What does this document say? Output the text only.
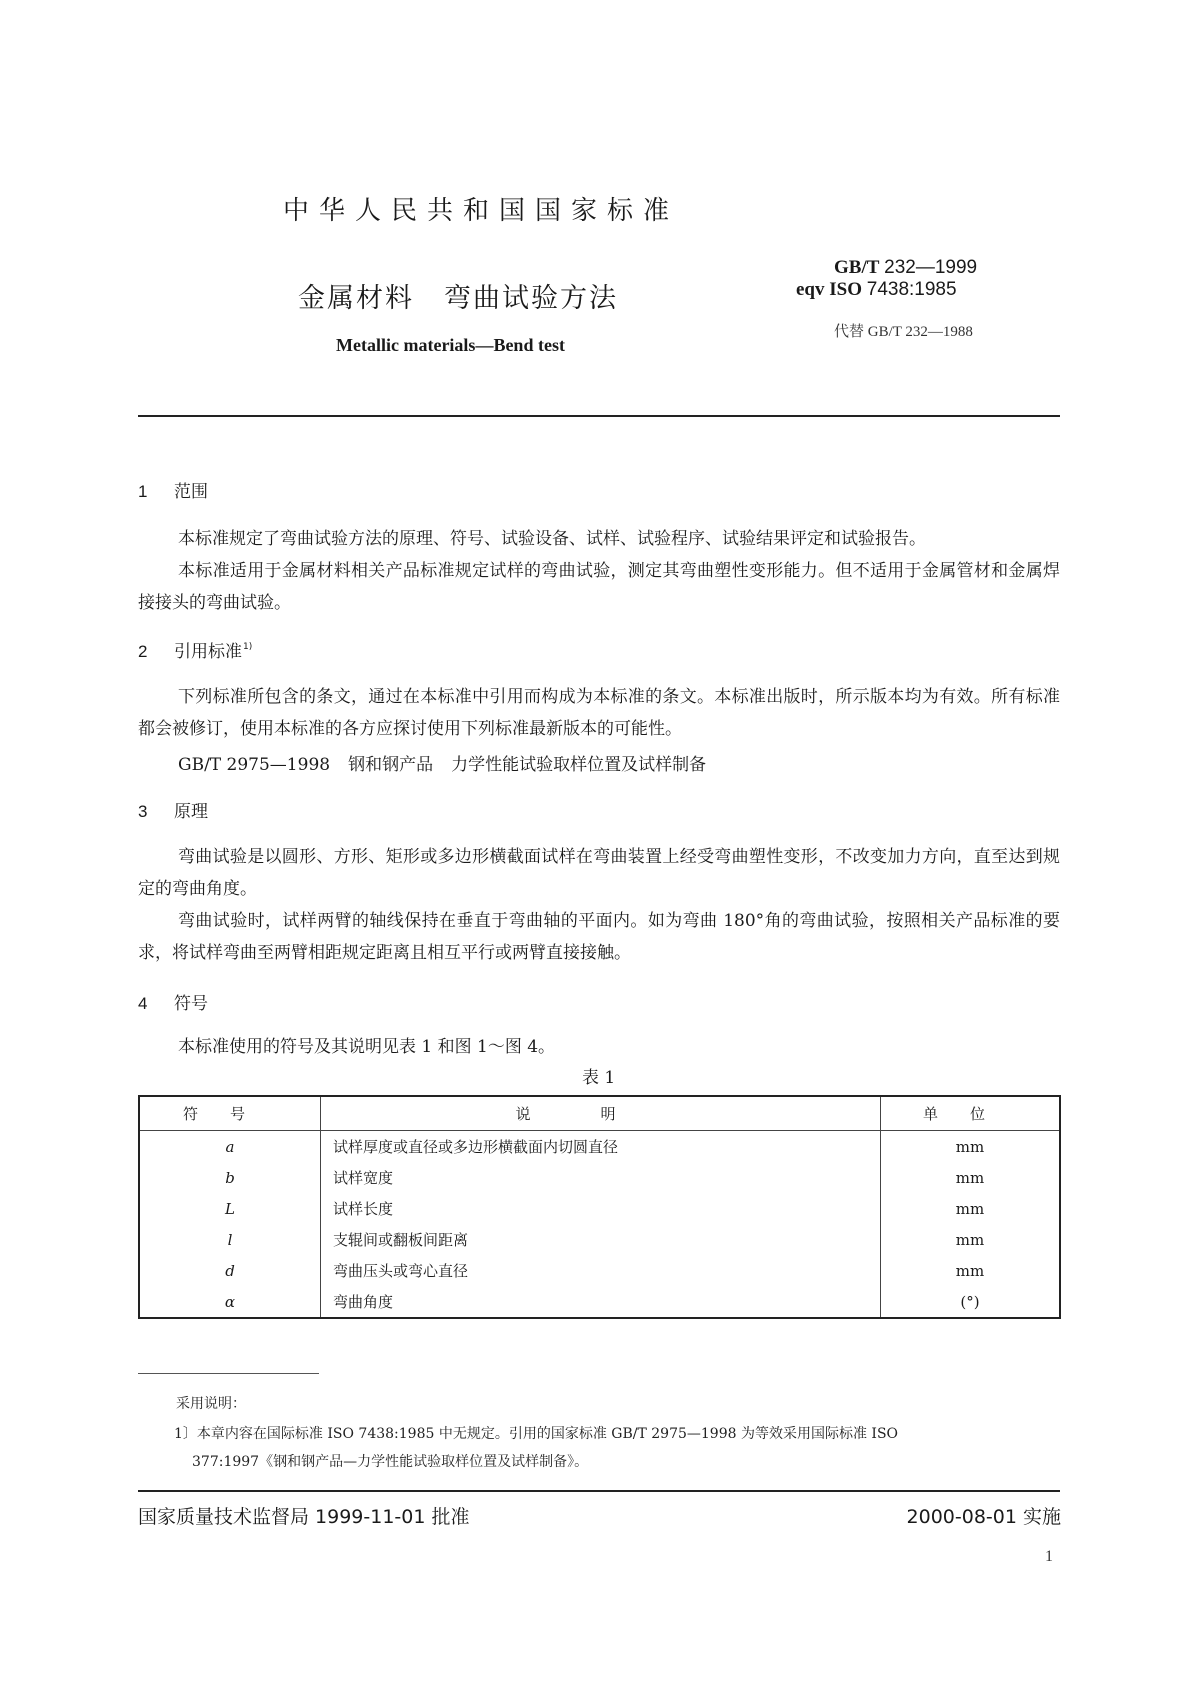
中华人民共和国国家标准
金属材料 弯曲试验方法
Metallic materials—Bend test
GB/T 232—1999
eqv ISO 7438:1985
代替 GB/T 232—1988
1 范围
本标准规定了弯曲试验方法的原理、符号、试验设备、试样、试验程序、试验结果评定和试验报告。
本标准适用于金属材料相关产品标准规定试样的弯曲试验，测定其弯曲塑性变形能力。但不适用于金属管材和金属焊接接头的弯曲试验。
2 引用标准$^{1)}$
下列标准所包含的条文，通过在本标准中引用而构成为本标准的条文。本标准出版时，所示版本均为有效。所有标准都会被修订，使用本标准的各方应探讨使用下列标准最新版本的可能性。
GB/T 2975—1998 钢和钢产品 力学性能试验取样位置及试样制备
3 原理
弯曲试验是以圆形、方形、矩形或多边形横截面试样在弯曲装置上经受弯曲塑性变形，不改变加力方向，直至达到规定的弯曲角度。
弯曲试验时，试样两臂的轴线保持在垂直于弯曲轴的平面内。如为弯曲 180°角的弯曲试验，按照相关产品标准的要求，将试样弯曲至两臂相距规定距离且相互平行或两臂直接接触。
4 符号
本标准使用的符号及其说明见表 1 和图 1～图 4。
表 1
符号	说明	单位
a	试样厚度或直径或多边形横截面内切圆直径	mm
b	试样宽度	mm
L	试样长度	mm
l	支辊间或翻板间距离	mm
d	弯曲压头或弯心直径	mm
α	弯曲角度	(°)
采用说明：
1〕本章内容在国际标准 ISO 7438:1985 中无规定。引用的国家标准 GB/T 2975—1998 为等效采用国际标准 ISO
377:1997《钢和钢产品—力学性能试验取样位置及试样制备》。
国家质量技术监督局 1999-11-01 批准	2000-08-01 实施
1
